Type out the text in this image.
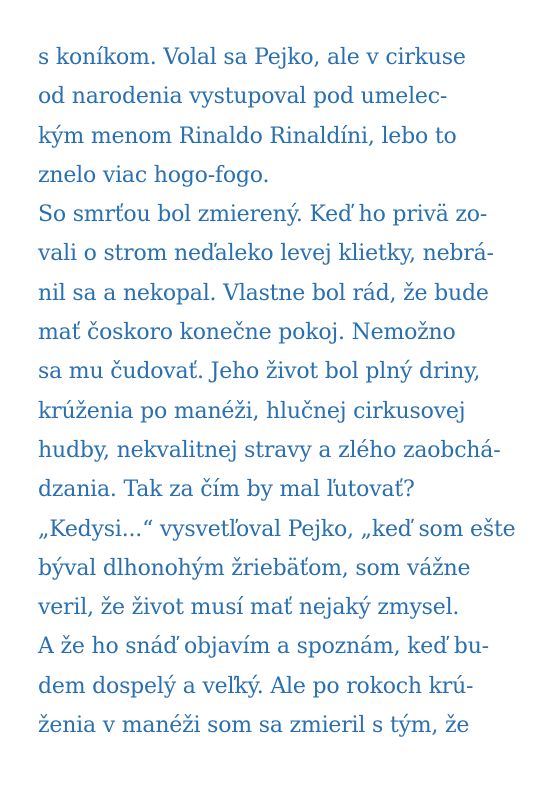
s koníkom. Volal sa Pejko, ale v cirkuse
od narodenia vystupoval pod umelec-
kým menom Rinaldo Rinaldíni, lebo to
znelo viac hogo-fogo.
So smrťou bol zmierený. Keď ho privä zo-
vali o strom neďaleko levej klietky, nebrá-
nil sa a nekopal. Vlastne bol rád, že bude
mať čoskoro konečne pokoj. Nemožno
sa mu čudovať. Jeho život bol plný driny,
krúženia po manéži, hlučnej cirkusovej
hudby, nekvalitnej stravy a zlého zaobchá-
dzania. Tak za čím by mal ľutovať?
„Kedysi...“ vysvetľoval Pejko, „keď som ešte
býval dlhonohým žriebäťom, som vážne
veril, že život musí mať nejaký zmysel.
A že ho snáď objavím a spoznám, keď bu-
dem dospelý a veľký. Ale po rokoch krú-
ženia v manéži som sa zmieril s tým, že
